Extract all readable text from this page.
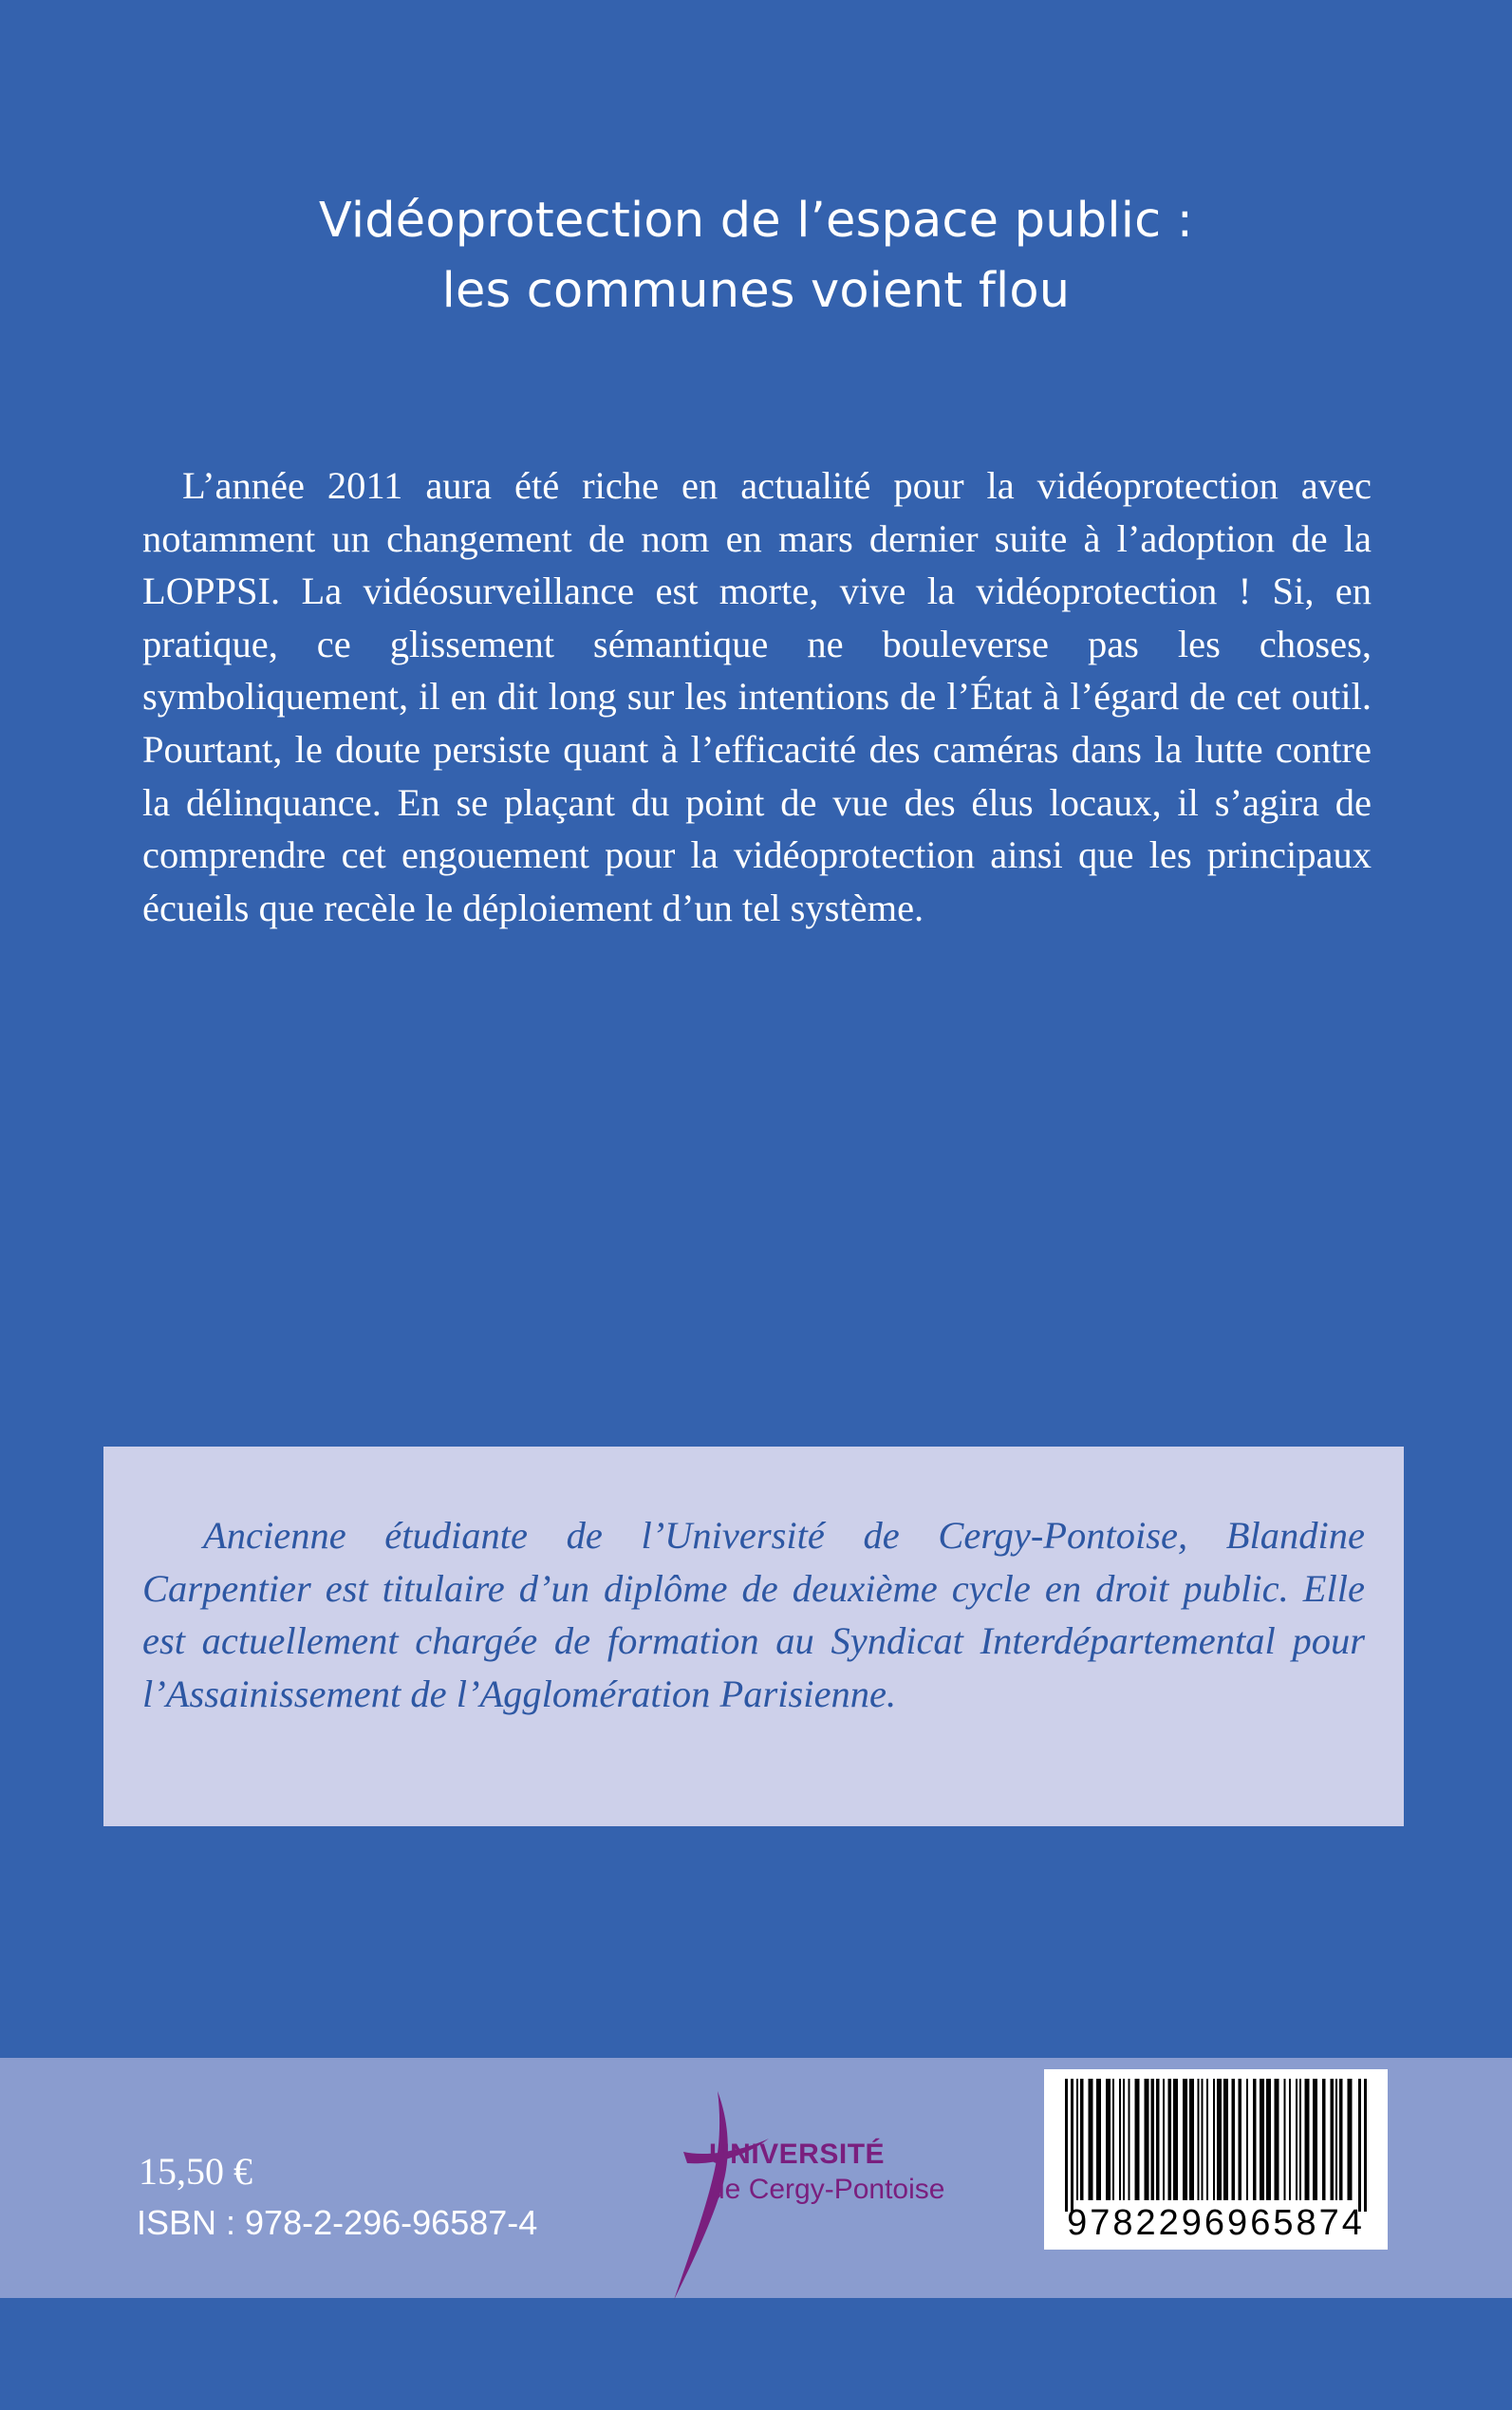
Vidéoprotection de l’espace public :
les communes voient flou

L’année 2011 aura été riche en actualité pour la vidéoprotection avec notamment un changement de nom en mars dernier suite à l’adoption de la LOPPSI. La vidéosurveillance est morte, vive la vidéoprotection ! Si, en pratique, ce glissement sémantique ne bouleverse pas les choses, symboliquement, il en dit long sur les intentions de l’État à l’égard de cet outil. Pourtant, le doute persiste quant à l’efficacité des caméras dans la lutte contre la délinquance. En se plaçant du point de vue des élus locaux, il s’agira de comprendre cet engouement pour la vidéoprotection ainsi que les principaux écueils que recèle le déploiement d’un tel système.

Ancienne étudiante de l’Université de Cergy-Pontoise, Blandine Carpentier est titulaire d’un diplôme de deuxième cycle en droit public. Elle est actuellement chargée de formation au Syndicat Interdépartemental pour l’Assainissement de l’Agglomération Parisienne.

15,50 €
ISBN : 978-2-296-96587-4
UNIVERSITÉ
de Cergy-Pontoise
9782296965874
